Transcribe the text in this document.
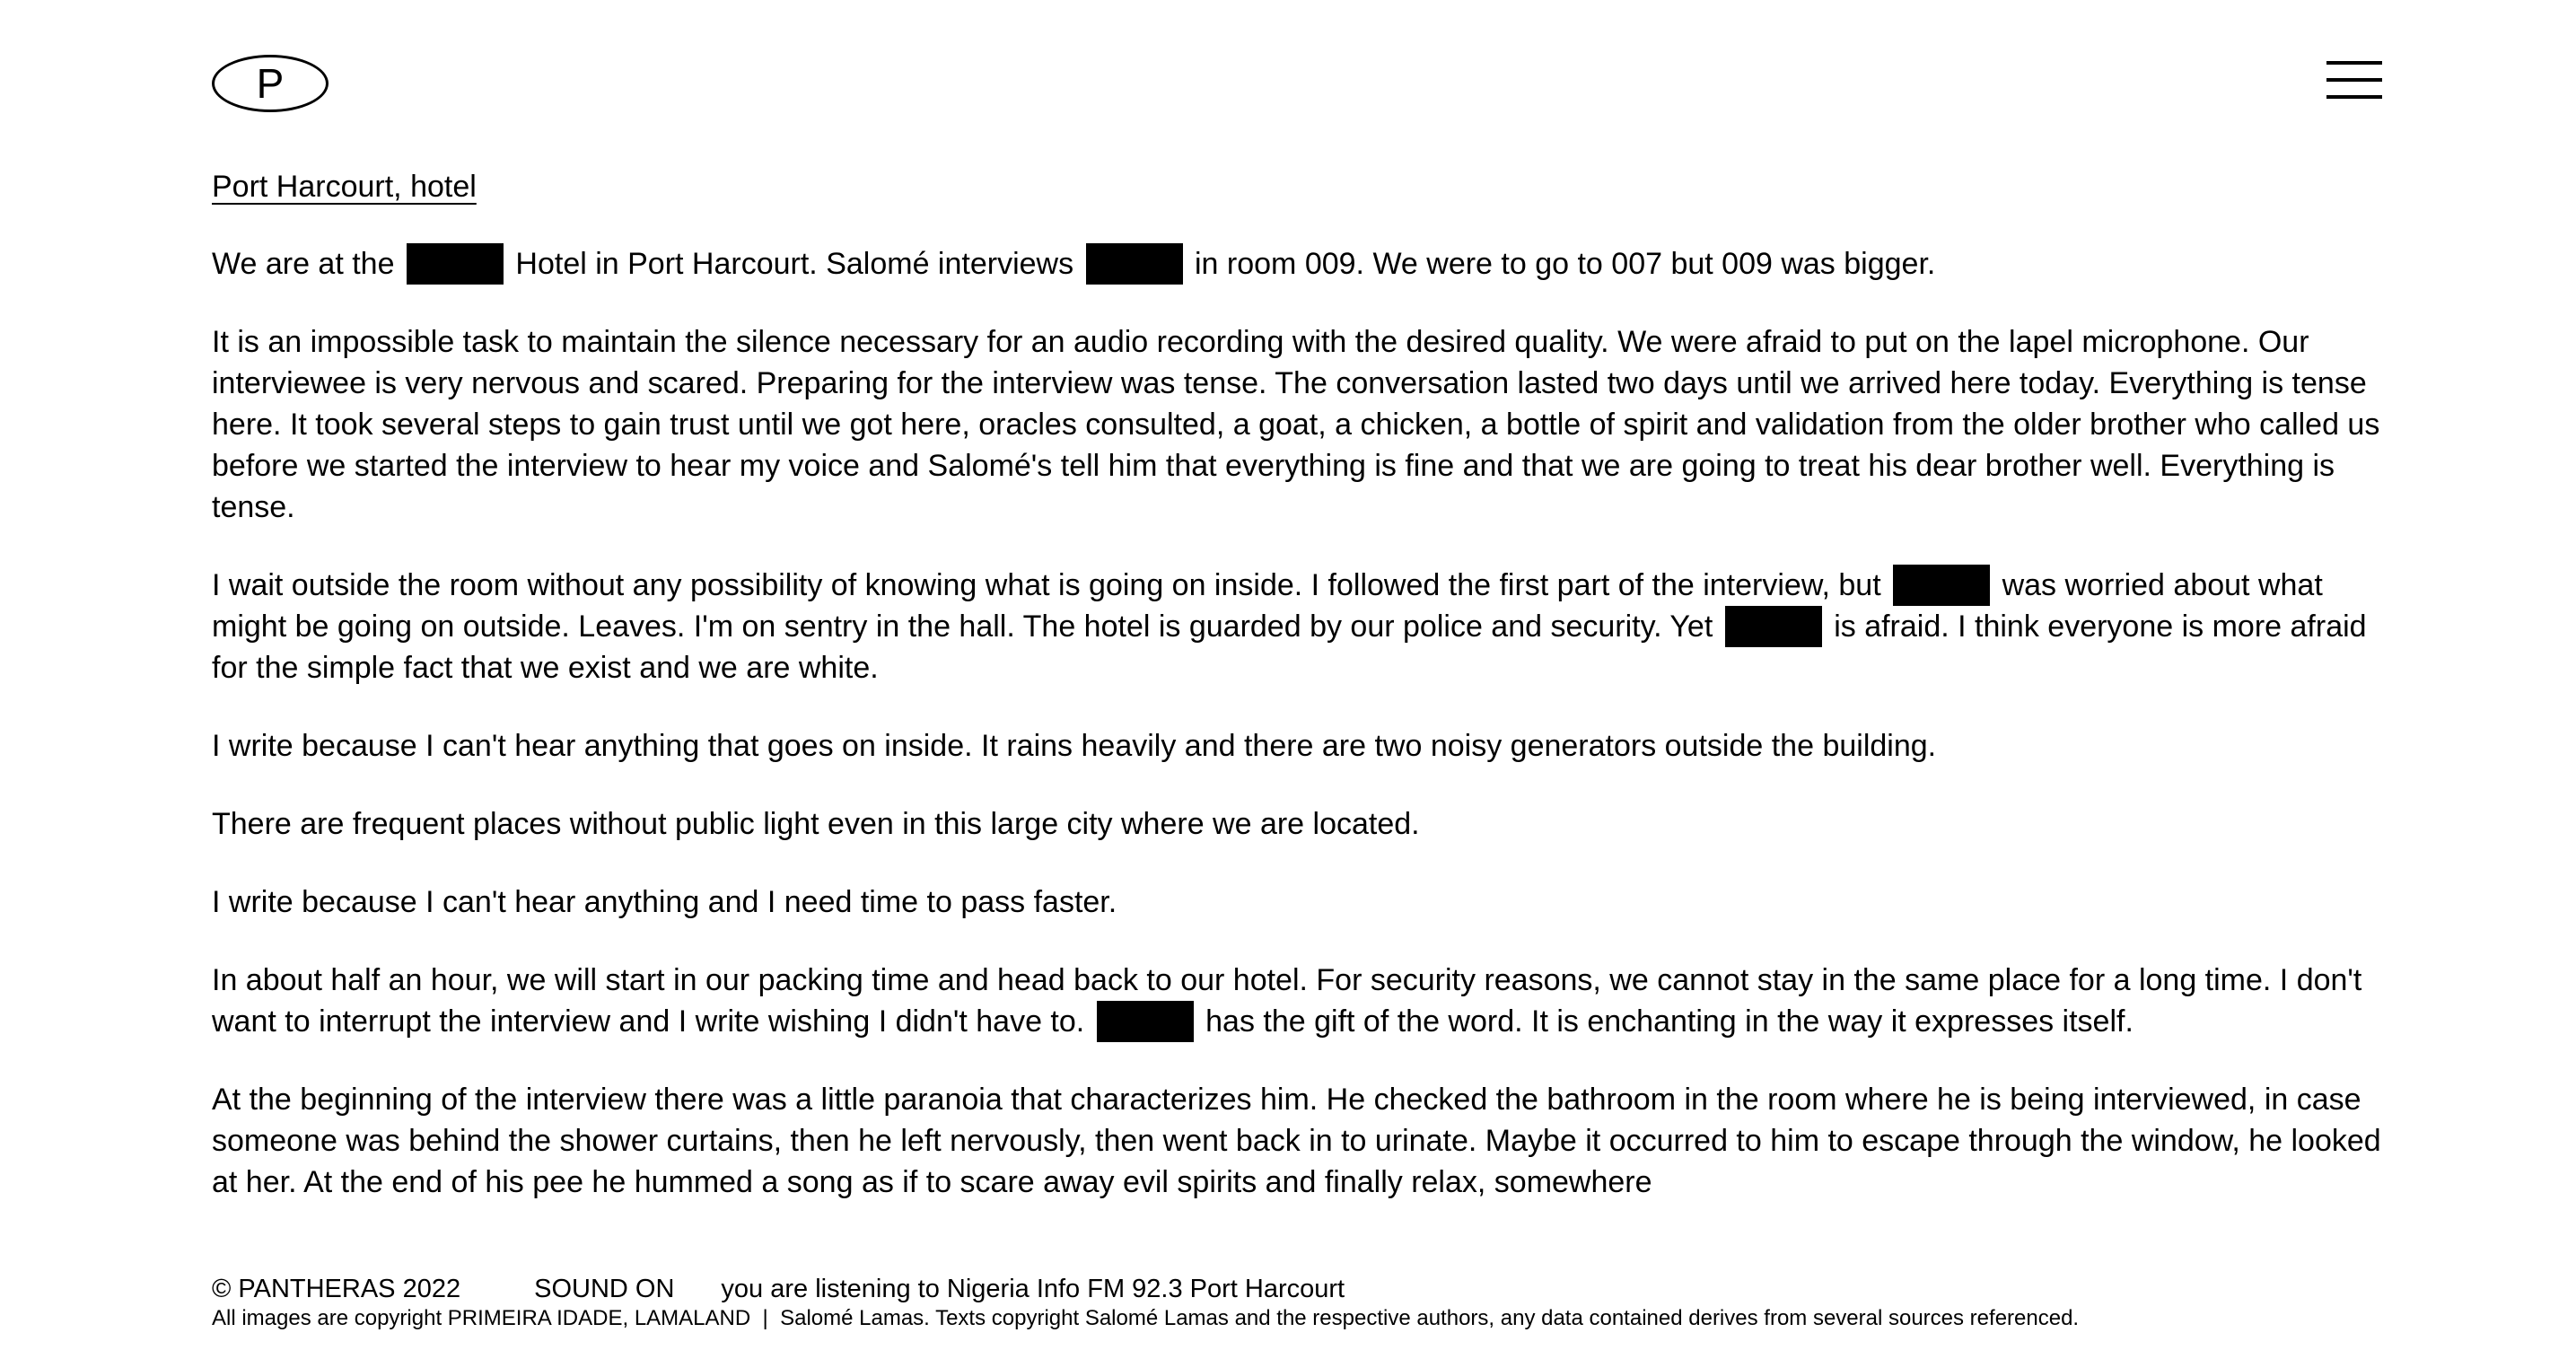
P
Port Harcourt, hotel

We are at the	Hotel in Port Harcourt. Salomé interviews	in room 009. We were to go to 007 but 009 was bigger.

It is an impossible task to maintain the silence necessary for an audio recording with the desired quality. We were afraid to put on the lapel microphone. Our interviewee is very nervous and scared. Preparing for the interview was tense. The conversation lasted two days until we arrived here today. Everything is tense here. It took several steps to gain trust until we got here, oracles consulted, a goat, a chicken, a bottle of spirit and validation from the older brother who called us before we started the interview to hear my voice and Salomé's tell him that everything is fine and that we are going to treat his dear brother well. Everything is tense.

I wait outside the room without any possibility of knowing what is going on inside. I followed the first part of the interview, but	was worried about what might be going on outside. Leaves. I'm on sentry in the hall. The hotel is guarded by our police and security. Yet	is afraid. I think everyone is more afraid for the simple fact that we exist and we are white.

I write because I can't hear anything that goes on inside. It rains heavily and there are two noisy generators outside the building.

There are frequent places without public light even in this large city where we are located.

I write because I can't hear anything and I need time to pass faster.

In about half an hour, we will start in our packing time and head back to our hotel. For security reasons, we cannot stay in the same place for a long time. I don't want to interrupt the interview and I write wishing I didn't have to.	has the gift of the word. It is enchanting in the way it expresses itself.

At the beginning of the interview there was a little paranoia that characterizes him. He checked the bathroom in the room where he is being interviewed, in case someone was behind the shower curtains, then he left nervously, then went back in to urinate. Maybe it occurred to him to escape through the window, he looked at her. At the end of his pee he hummed a song as if to scare away evil spirits and finally relax, somewhere

© PANTHERAS 2022	SOUND ON you are listening to Nigeria Info FM 92.3 Port Harcourt
All images are copyright PRIMEIRA IDADE, LAMALAND  |  Salomé Lamas. Texts copyright Salomé Lamas and the respective authors, any data contained derives from several sources referenced.
